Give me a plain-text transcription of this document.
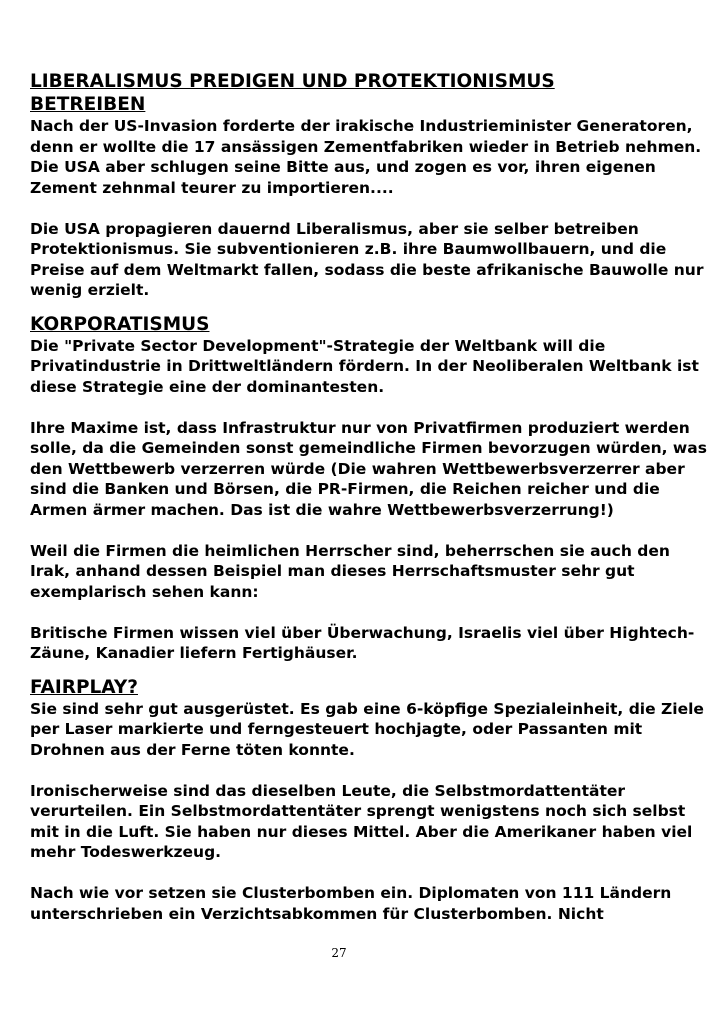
LIBERALISMUS PREDIGEN UND PROTEKTIONISMUS
BETREIBEN

Nach der US-Invasion forderte der irakische Industrieminister Generatoren,
denn er wollte die 17 ansässigen Zementfabriken wieder in Betrieb nehmen.
Die USA aber schlugen seine Bitte aus, und zogen es vor, ihren eigenen
Zement zehnmal teurer zu importieren....

Die USA propagieren dauernd Liberalismus, aber sie selber betreiben
Protektionismus. Sie subventionieren z.B. ihre Baumwollbauern, und die
Preise auf dem Weltmarkt fallen, sodass die beste afrikanische Bauwolle nur
wenig erzielt.

KORPORATISMUS

Die "Private Sector Development"-Strategie der Weltbank will die
Privatindustrie in Drittweltländern fördern. In der Neoliberalen Weltbank ist
diese Strategie eine der dominantesten.

Ihre Maxime ist, dass Infrastruktur nur von Privatfirmen produziert werden
solle, da die Gemeinden sonst gemeindliche Firmen bevorzugen würden, was
den Wettbewerb verzerren würde (Die wahren Wettbewerbsverzerrer aber
sind die Banken und Börsen, die PR-Firmen, die Reichen reicher und die
Armen ärmer machen. Das ist die wahre Wettbewerbsverzerrung!)

Weil die Firmen die heimlichen Herrscher sind, beherrschen sie auch den
Irak, anhand dessen Beispiel man dieses Herrschaftsmuster sehr gut
exemplarisch sehen kann:

Britische Firmen wissen viel über Überwachung, Israelis viel über Hightech-
Zäune, Kanadier liefern Fertighäuser.

FAIRPLAY?

Sie sind sehr gut ausgerüstet. Es gab eine 6-köpfige Spezialeinheit, die Ziele
per Laser markierte und ferngesteuert hochjagte, oder Passanten mit
Drohnen aus der Ferne töten konnte.

Ironischerweise sind das dieselben Leute, die Selbstmordattentäter
verurteilen. Ein Selbstmordattentäter sprengt wenigstens noch sich selbst
mit in die Luft. Sie haben nur dieses Mittel. Aber die Amerikaner haben viel
mehr Todeswerkzeug.

Nach wie vor setzen sie Clusterbomben ein. Diplomaten von 111 Ländern
unterschrieben ein Verzichtsabkommen für Clusterbomben. Nicht

27
